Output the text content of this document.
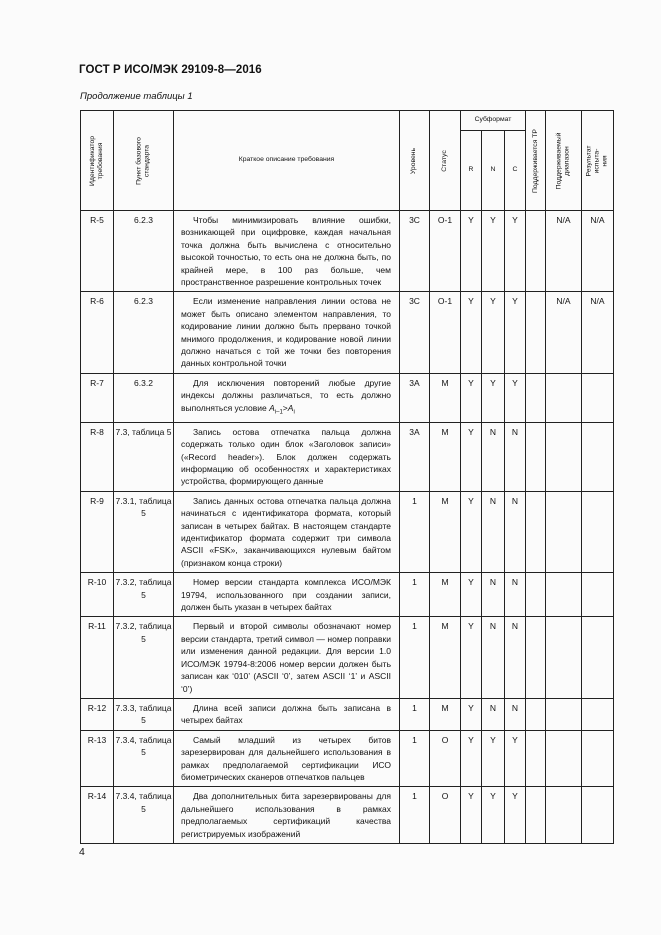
ГОСТ Р ИСО/МЭК 29109-8—2016
Продолжение таблицы 1
Идентификатор требования	Пункт базового стандарта	Краткое описание требования	Уровень	Статус	Субформат			Поддерживается ТР	Поддерживаемый диапазон	Результат испыта-ния

					R	N	C			
R-5	6.2.3	Чтобы минимизировать влияние ошибки, возникающей при оцифровке, каждая начальная точка должна быть вычислена с относительно высокой точностью, то есть она не должна быть, по крайней мере, в 100 раз больше, чем пространственное разрешение контрольных точек	3C	O-1	Y	Y	Y		N/A	N/A
R-6	6.2.3	Если изменение направления линии остова не может быть описано элементом направления, то кодирование линии должно быть прервано точкой мнимого продолжения, и кодирование новой линии должно начаться с той же точки без повторения данных контрольной точки	3C	O-1	Y	Y	Y		N/A	N/A
R-7	6.3.2	Для исключения повторений любые другие индексы должны различаться, то есть должно выполняться условие $A_{i-1}>A_i$	3A	M	Y	Y	Y			
R-8	7.3, таблица 5	Запись остова отпечатка пальца должна содержать только один блок «Заголовок записи» («Record header»). Блок должен содержать информацию об особенностях и характеристиках устройства, формирующего данные	3A	M	Y	N	N			
R-9	7.3.1, таблица 5	Запись данных остова отпечатка пальца должна начинаться с идентификатора формата, который записан в четырех байтах. В настоящем стандарте идентификатор формата содержит три символа ASCII «FSK», заканчивающихся нулевым байтом (признаком конца строки)	1	M	Y	N	N			
R-10	7.3.2, таблица 5	Номер версии стандарта комплекса ИСО/МЭК 19794, использованного при создании записи, должен быть указан в четырех байтах	1	M	Y	N	N			
R-11	7.3.2, таблица 5	Первый и второй символы обозначают номер версии стандарта, третий символ — номер поправки или изменения данной редакции. Для версии 1.0 ИСО/МЭК 19794-8:2006 номер версии должен быть записан как ‘010’ (ASCII ‘0’, затем ASCII ‘1’ и ASCII ‘0’)	1	M	Y	N	N			
R-12	7.3.3, таблица 5	Длина всей записи должна быть записана в четырех байтах	1	M	Y	N	N			
R-13	7.3.4, таблица 5	Самый младший из четырех битов зарезервирован для дальнейшего использования в рамках предполагаемой сертификации ИСО биометрических сканеров отпечатков пальцев	1	O	Y	Y	Y			
R-14	7.3.4, таблица 5	Два дополнительных бита зарезервированы для дальнейшего использования в рамках предполагаемых сертификаций качества регистрируемых изображений	1	O	Y	Y	Y			
4
